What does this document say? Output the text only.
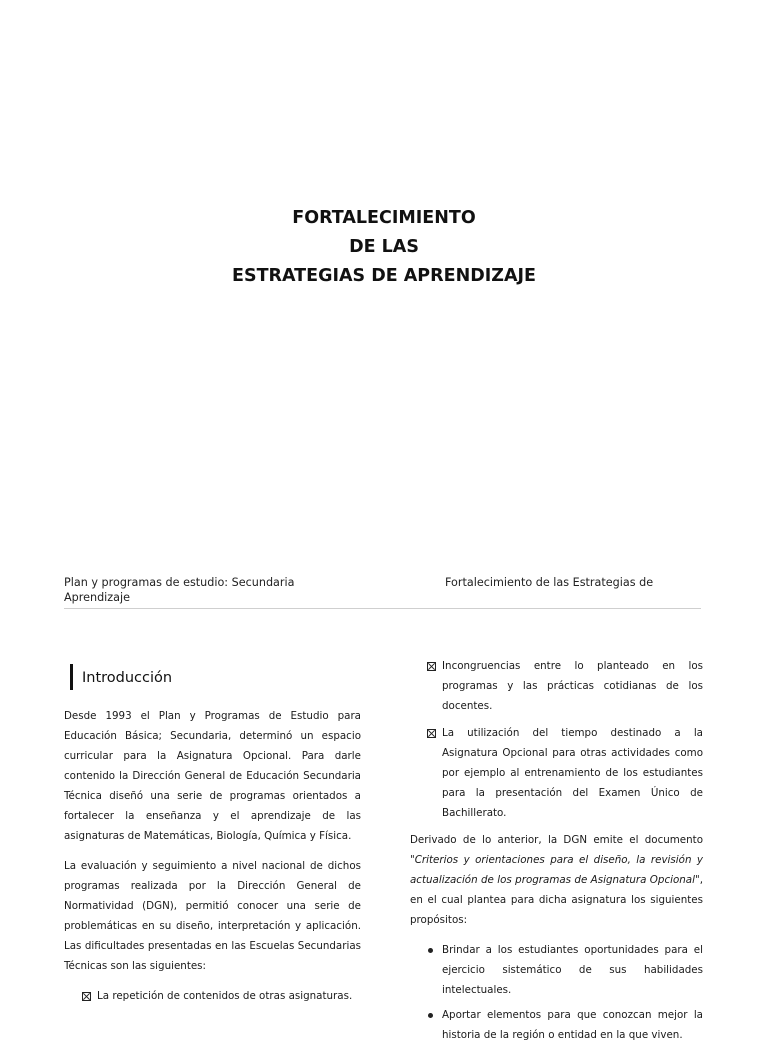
FORTALECIMIENTO
DE LAS
ESTRATEGIAS DE APRENDIZAJE
Plan y programas de estudio: Secundaria	Fortalecimiento de las Estrategias de
Aprendizaje
Introducción

Desde 1993 el Plan y Programas de Estudio para Educación Básica; Secundaria, determinó un espacio curricular para la Asignatura Opcional. Para darle contenido la Dirección General de Educación Secundaria Técnica diseñó una serie de programas orientados a fortalecer la enseñanza y el aprendizaje de las asignaturas de Matemáticas, Biología, Química y Física.

La evaluación y seguimiento a nivel nacional de dichos programas realizada por la Dirección General de Normatividad (DGN), permitió conocer una serie de problemáticas en su diseño, interpretación y aplicación. Las dificultades presentadas en las Escuelas Secundarias Técnicas son las siguientes:

La repetición de contenidos de otras asignaturas.
Incongruencias entre lo planteado en los programas y las prácticas cotidianas de los docentes.
La utilización del tiempo destinado a la Asignatura Opcional para otras actividades como por ejemplo al entrenamiento de los estudiantes para la presentación del Examen Único de Bachillerato.

Derivado de lo anterior, la DGN emite el documento "Criterios y orientaciones para el diseño, la revisión y actualización de los programas de Asignatura Opcional", en el cual plantea para dicha asignatura los siguientes propósitos:

Brindar a los estudiantes oportunidades para el ejercicio sistemático de sus habilidades intelectuales.
Aportar elementos para que conozcan mejor la historia de la región o entidad en la que viven.
